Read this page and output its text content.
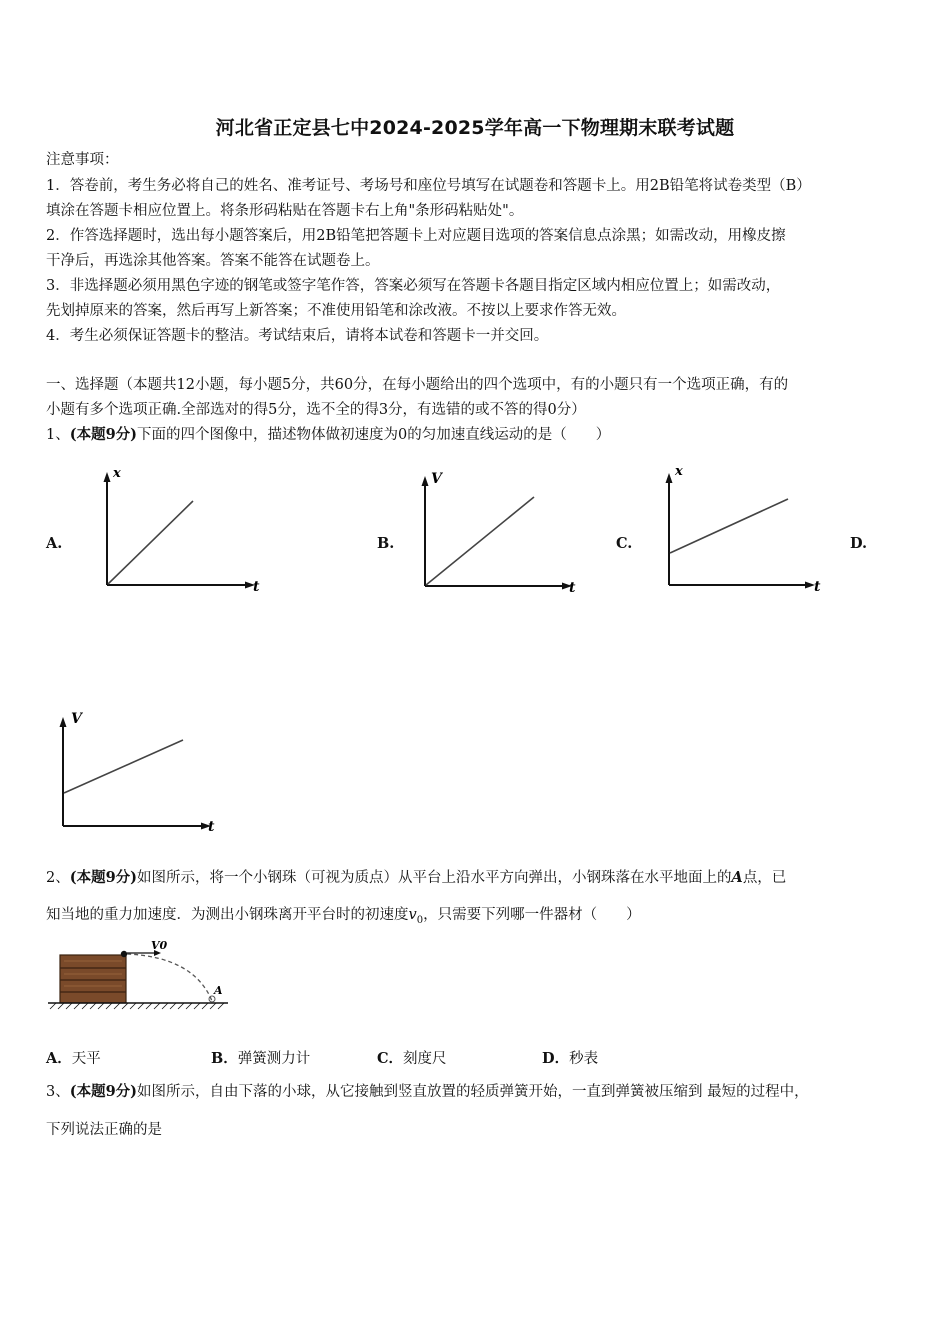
河北省正定县七中2024-2025学年高一下物理期末联考试题
注意事项：
1．答卷前，考生务必将自己的姓名、准考证号、考场号和座位号填写在试题卷和答题卡上。用2B铅笔将试卷类型（B）
填涂在答题卡相应位置上。将条形码粘贴在答题卡右上角"条形码粘贴处"。
2．作答选择题时，选出每小题答案后，用2B铅笔把答题卡上对应题目选项的答案信息点涂黑；如需改动，用橡皮擦
干净后，再选涂其他答案。答案不能答在试题卷上。
3．非选择题必须用黑色字迹的钢笔或签字笔作答，答案必须写在答题卡各题目指定区域内相应位置上；如需改动，
先划掉原来的答案，然后再写上新答案；不准使用铅笔和涂改液。不按以上要求作答无效。
4．考生必须保证答题卡的整洁。考试结束后，请将本试卷和答题卡一并交回。
一、选择题（本题共12小题，每小题5分，共60分，在每小题给出的四个选项中，有的小题只有一个选项正确，有的
小题有多个选项正确.全部选对的得5分，选不全的得3分，有选错的或不答的得0分）
1、(本题9分)下面的四个图像中，描述物体做初速度为0的匀加速直线运动的是（　　）
A.	B.	C.	D.
x
t
V
t
x
t
V
t
2、(本题9分)如图所示，将一个小钢珠（可视为质点）从平台上沿水平方向弹出，小钢珠落在水平地面上的A点，已
知当地的重力加速度．为测出小钢珠离开平台时的初速度$v_0$，只需要下列哪一件器材（　　）
V0
A
A．天平	B．弹簧测力计	C．刻度尺	D．秒表
3、(本题9分)如图所示，自由下落的小球，从它接触到竖直放置的轻质弹簧开始，一直到弹簧被压缩到 最短的过程中，
下列说法正确的是
